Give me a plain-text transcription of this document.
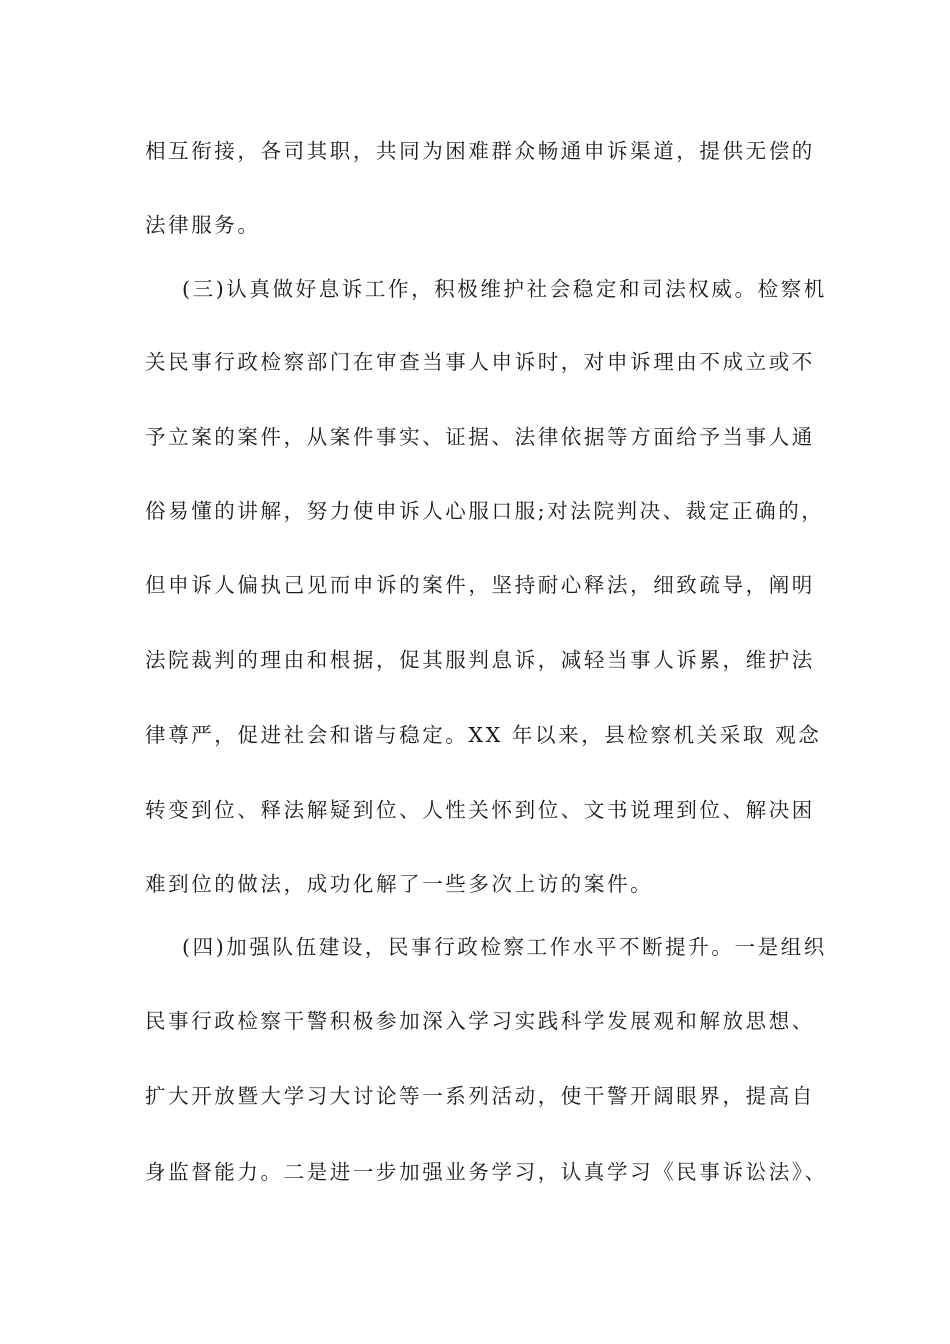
相互衔接，各司其职，共同为困难群众畅通申诉渠道，提供无偿的
法律服务。
(三)认真做好息诉工作，积极维护社会稳定和司法权威。检察机
关民事行政检察部门在审查当事人申诉时，对申诉理由不成立或不
予立案的案件，从案件事实、证据、法律依据等方面给予当事人通
俗易懂的讲解，努力使申诉人心服口服;对法院判决、裁定正确的，
但申诉人偏执己见而申诉的案件，坚持耐心释法，细致疏导，阐明
法院裁判的理由和根据，促其服判息诉，减轻当事人诉累，维护法
律尊严，促进社会和谐与稳定。XX 年以来，县检察机关采取 观念
转变到位、释法解疑到位、人性关怀到位、文书说理到位、解决困
难到位的做法，成功化解了一些多次上访的案件。
(四)加强队伍建设，民事行政检察工作水平不断提升。一是组织
民事行政检察干警积极参加深入学习实践科学发展观和解放思想、
扩大开放暨大学习大讨论等一系列活动，使干警开阔眼界，提高自
身监督能力。二是进一步加强业务学习，认真学习《民事诉讼法》、
